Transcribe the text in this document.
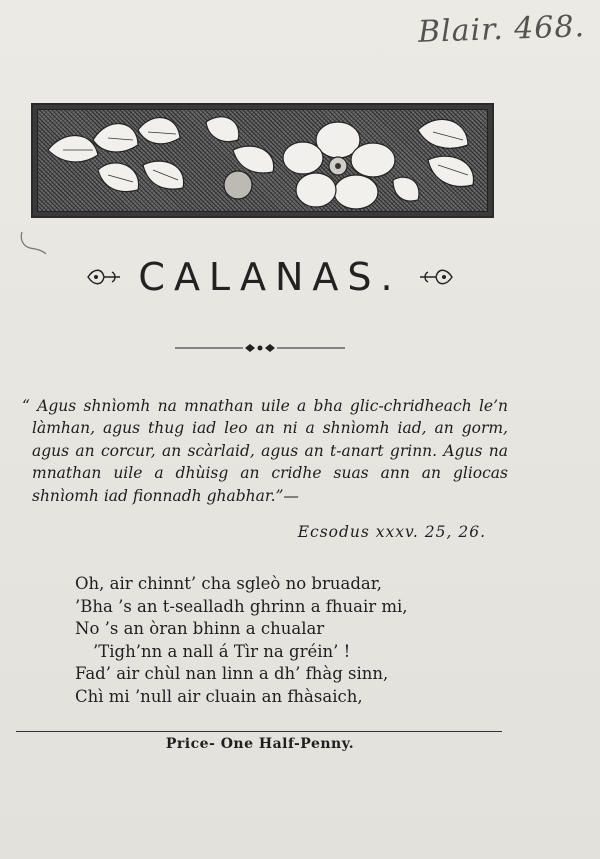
Blair. 468.
CALANAS.
“ Agus shnìomh na mnathan uile a bha glic-chridheach le’n làmhan, agus thug iad leo an ni a shnìomh iad, an gorm, agus an corcur, an scàrlaid, agus an t-anart grinn. Agus na mnathan uile a dhùisg an cridhe suas ann an gliocas shnìomh iad fionnadh ghabhar.”—
Ecsodus xxxv. 25, 26.
Oh, air chinnt’ cha sgleò no bruadar,
’Bha ’s an t-sealladh ghrinn a fhuair mi,
No ’s an òran bhinn a chualar
’Tigh’nn a nall á Tìr na gréin’ !
Fad’ air chùl nan linn a dh’ fhàg sinn,
Chì mi ’null air cluain an fhàsaich,
Price- One Half-Penny.
